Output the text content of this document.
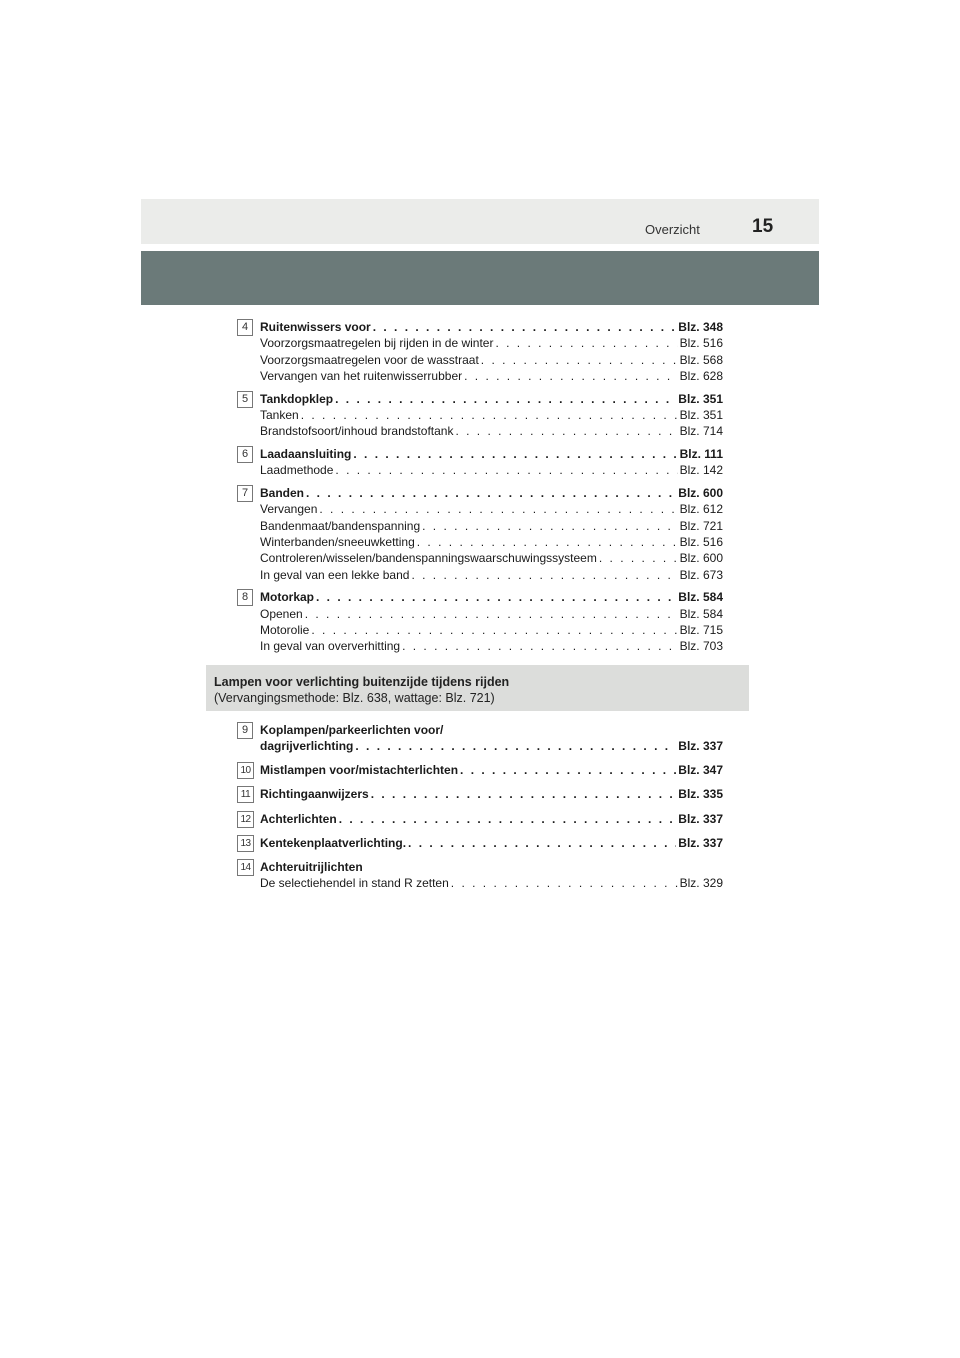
Overzicht	15
4 Ruitenwissers voor . . .	Blz. 348
Voorzorgsmaatregelen bij rijden in de winter . . .	Blz. 516
Voorzorgsmaatregelen voor de wasstraat . . .	Blz. 568
Vervangen van het ruitenwisserrubber . . .	Blz. 628
5 Tankdopklep . . .	Blz. 351
Tanken . . .	Blz. 351
Brandstofsoort/inhoud brandstoftank . . .	Blz. 714
6 Laadaansluiting . . .	Blz. 111
Laadmethode . . .	Blz. 142
7 Banden . . .	Blz. 600
Vervangen . . .	Blz. 612
Bandenmaat/bandenspanning . . .	Blz. 721
Winterbanden/sneeuwketting . . .	Blz. 516
Controleren/wisselen/bandenspanningswaarschuwingssysteem . . .	Blz. 600
In geval van een lekke band . . .	Blz. 673
8 Motorkap . . .	Blz. 584
Openen . . .	Blz. 584
Motorolie . . .	Blz. 715
In geval van oververhitting . . .	Blz. 703
Lampen voor verlichting buitenzijde tijdens rijden
(Vervangingsmethode: Blz. 638, wattage: Blz. 721)
9 Koplampen/parkeerlichten voor/
dagrijverlichting . . .	Blz. 337
10 Mistlampen voor/mistachterlichten . . .	Blz. 347
11 Richtingaanwijzers . . .	Blz. 335
12 Achterlichten . . .	Blz. 337
13 Kentekenplaatverlichting. . . .	Blz. 337
14 Achteruitrijlichten
De selectiehendel in stand R zetten . . .	Blz. 329
